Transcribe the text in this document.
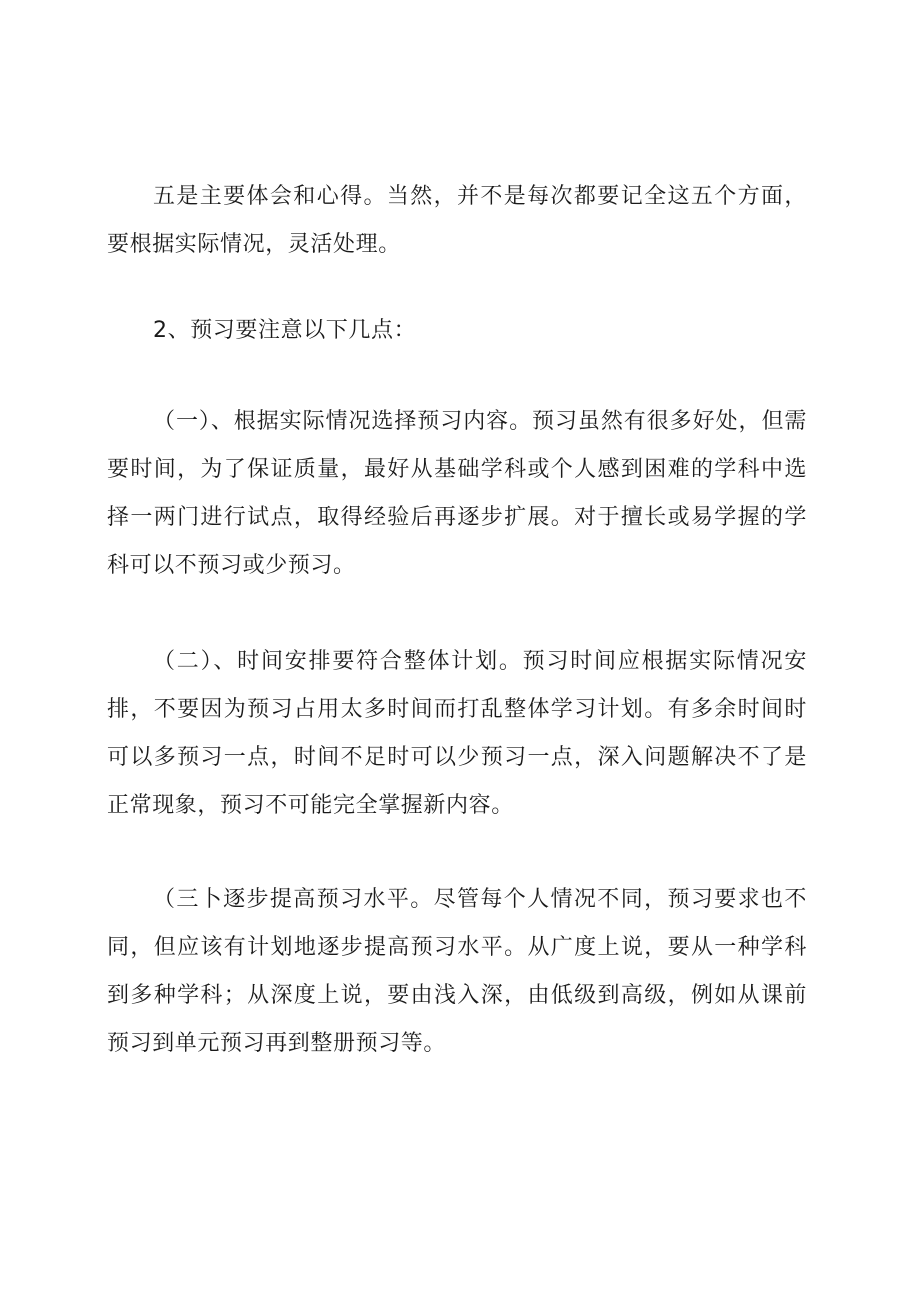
五是主要体会和心得。当然，并不是每次都要记全这五个方面，要根据实际情况，灵活处理。

2、预习要注意以下几点：

（一）、根据实际情况选择预习内容。预习虽然有很多好处，但需要时间，为了保证质量，最好从基础学科或个人感到困难的学科中选择一两门进行试点，取得经验后再逐步扩展。对于擅长或易学握的学科可以不预习或少预习。

（二）、时间安排要符合整体计划。预习时间应根据实际情况安排，不要因为预习占用太多时间而打乱整体学习计划。有多余时间时可以多预习一点，时间不足时可以少预习一点，深入问题解决不了是正常现象，预习不可能完全掌握新内容。

（三卜逐步提高预习水平。尽管每个人情况不同，预习要求也不同，但应该有计划地逐步提高预习水平。从广度上说，要从一种学科到多种学科；从深度上说，要由浅入深，由低级到高级，例如从课前预习到单元预习再到整册预习等。
